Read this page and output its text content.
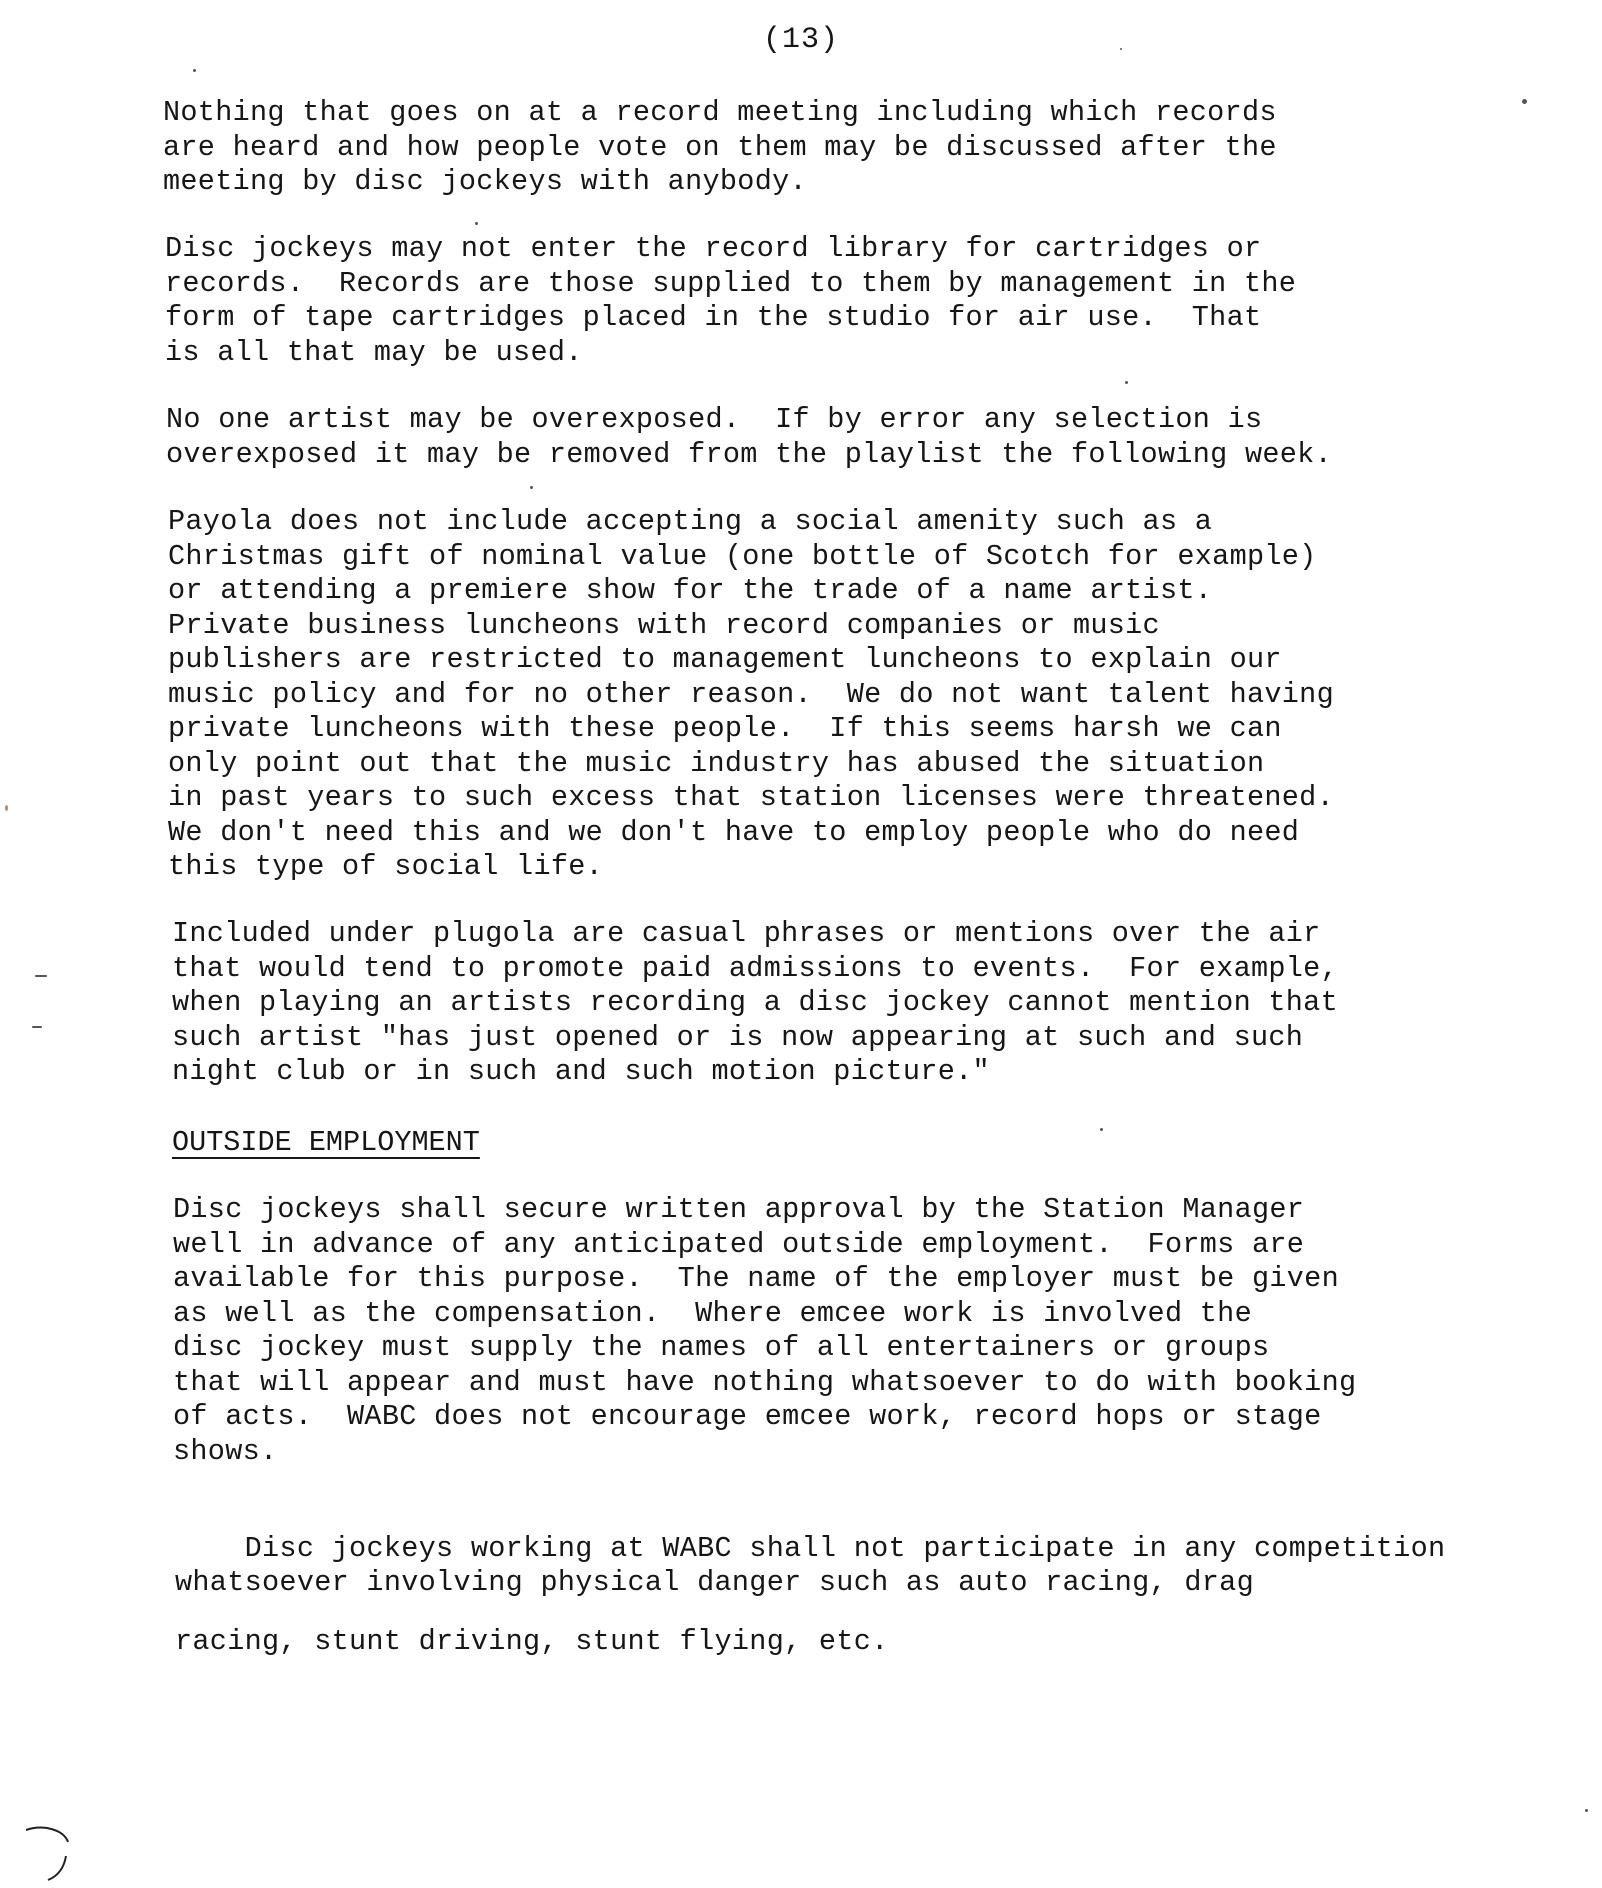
(13)

Nothing that goes on at a record meeting including which records
are heard and how people vote on them may be discussed after the
meeting by disc jockeys with anybody.

Disc jockeys may not enter the record library for cartridges or
records.  Records are those supplied to them by management in the
form of tape cartridges placed in the studio for air use.  That
is all that may be used.

No one artist may be overexposed.  If by error any selection is
overexposed it may be removed from the playlist the following week.

Payola does not include accepting a social amenity such as a
Christmas gift of nominal value (one bottle of Scotch for example)
or attending a premiere show for the trade of a name artist.
Private business luncheons with record companies or music
publishers are restricted to management luncheons to explain our
music policy and for no other reason.  We do not want talent having
private luncheons with these people.  If this seems harsh we can
only point out that the music industry has abused the situation
in past years to such excess that station licenses were threatened.
We don't need this and we don't have to employ people who do need
this type of social life.

Included under plugola are casual phrases or mentions over the air
that would tend to promote paid admissions to events.  For example,
when playing an artists recording a disc jockey cannot mention that
such artist "has just opened or is now appearing at such and such
night club or in such and such motion picture."

OUTSIDE EMPLOYMENT

Disc jockeys shall secure written approval by the Station Manager
well in advance of any anticipated outside employment.  Forms are
available for this purpose.  The name of the employer must be given
as well as the compensation.  Where emcee work is involved the
disc jockey must supply the names of all entertainers or groups
that will appear and must have nothing whatsoever to do with booking
of acts.  WABC does not encourage emcee work, record hops or stage
shows.

Disc jockeys working at WABC shall not participate in any competition
whatsoever involving physical danger such as auto racing, drag

racing, stunt driving, stunt flying, etc.
